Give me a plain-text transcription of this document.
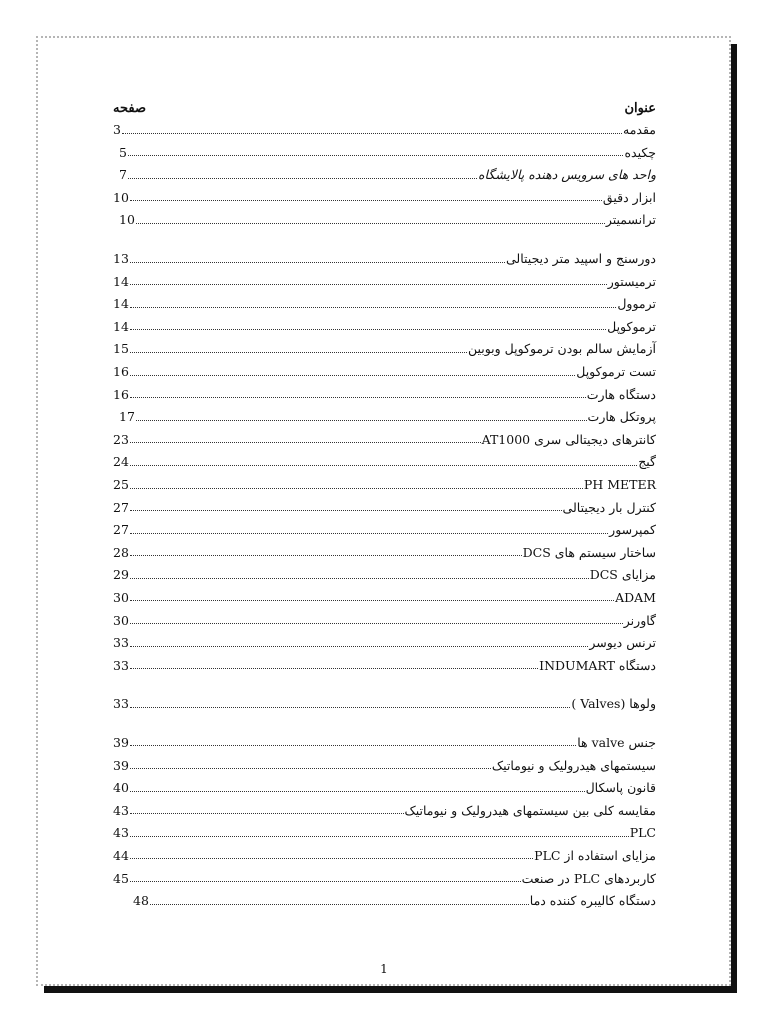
صفحه	عنوان
مقدمه
3
چکیده
5
واحد های سرویس دهنده پالایشگاه
7
ابزار دقیق
10
ترانسمیتر
10
دورسنج و اسپید متر دیجیتالی
13
ترمیستور
14
ترموول
14
ترموکوپل
14
آزمایش سالم بودن ترموکوپل وبوبین
15
تست ترموکوپل
16
دستگاه هارت
16
پروتکل هارت
17
کانترهای دیجیتالی سری AT1000
23
گیج
24
PH METER
25
کنترل بار دیجیتالی
27
کمپرسور
27
ساختار سیستم های DCS
28
مزایای DCS
29
ADAM
30
گاورنر
30
ترنس دیوسر
33
دستگاه INDUMART
33
ولوها (Valves )
33
جنس valve ها
39
سیستمهای هیدرولیک و نیوماتیک
39
قانون پاسکال
40
مقایسه کلی بین سیستمهای هیدرولیک و نیوماتیک
43
PLC
43
مزایای استفاده از PLC
44
کاربردهای PLC در صنعت
45
دستگاه کالیبره کننده دما
48
1
